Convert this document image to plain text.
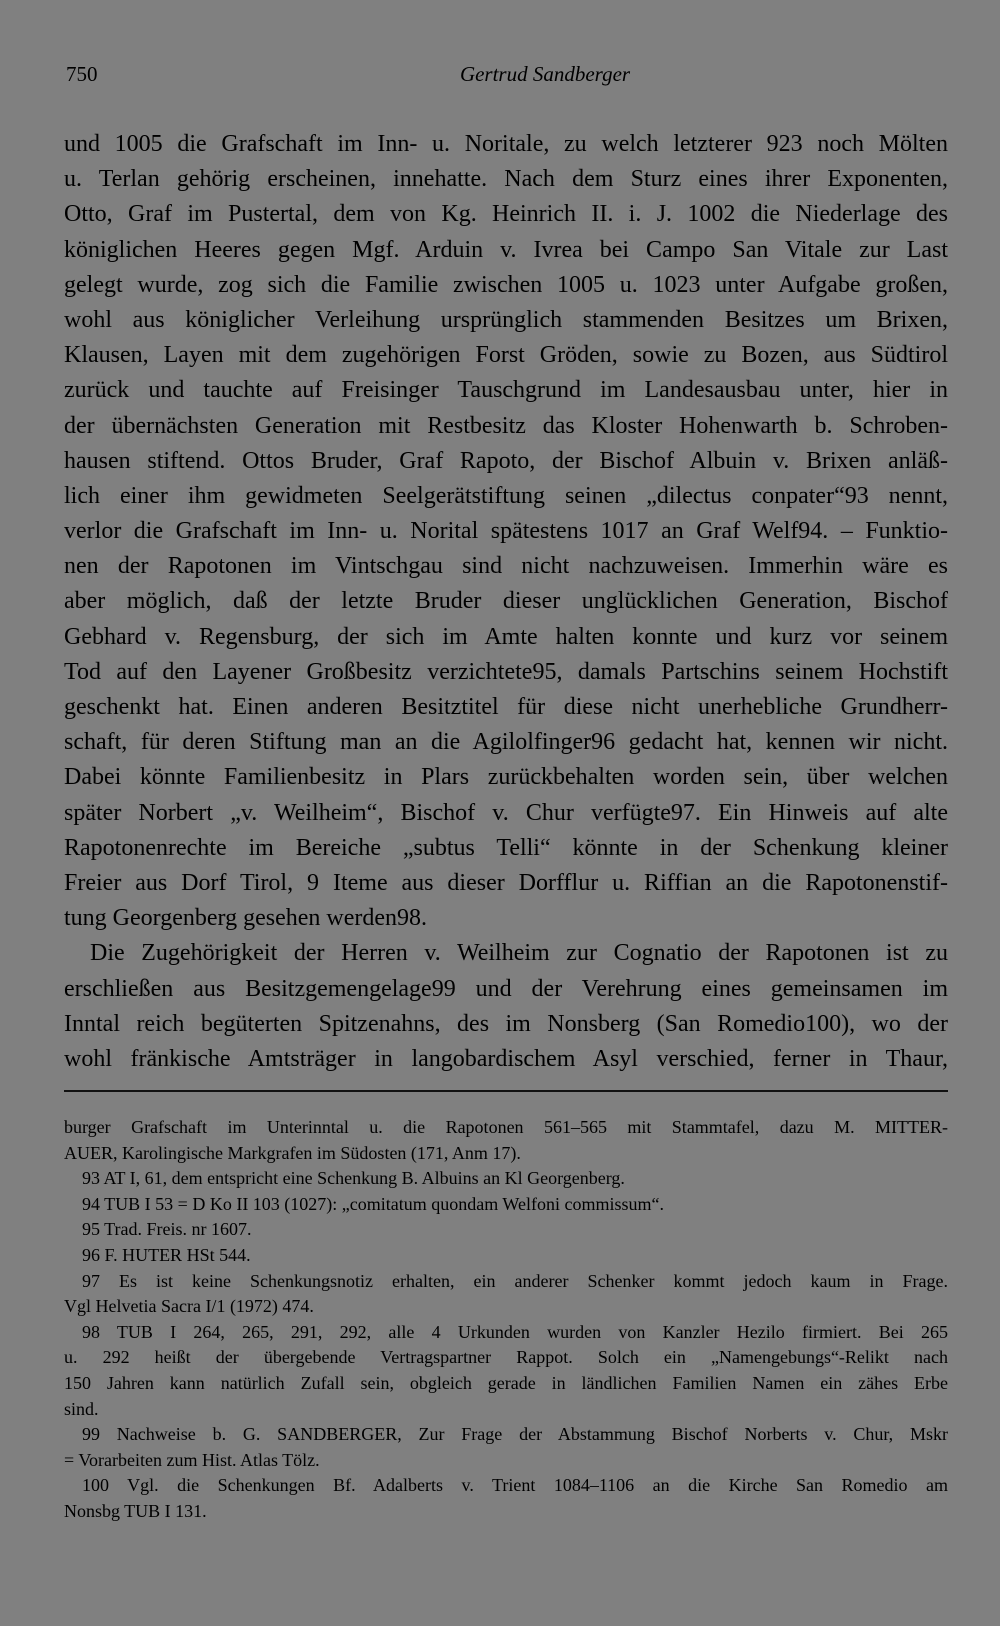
750	Gertrud Sandberger
und 1005 die Grafschaft im Inn- u. Noritale, zu welch letzterer 923 noch Mölten
u. Terlan gehörig erscheinen, innehatte. Nach dem Sturz eines ihrer Exponenten,
Otto, Graf im Pustertal, dem von Kg. Heinrich II. i. J. 1002 die Niederlage des
königlichen Heeres gegen Mgf. Arduin v. Ivrea bei Campo San Vitale zur Last
gelegt wurde, zog sich die Familie zwischen 1005 u. 1023 unter Aufgabe großen,
wohl aus königlicher Verleihung ursprünglich stammenden Besitzes um Brixen,
Klausen, Layen mit dem zugehörigen Forst Gröden, sowie zu Bozen, aus Südtirol
zurück und tauchte auf Freisinger Tauschgrund im Landesausbau unter, hier in
der übernächsten Generation mit Restbesitz das Kloster Hohenwarth b. Schroben-
hausen stiftend. Ottos Bruder, Graf Rapoto, der Bischof Albuin v. Brixen anläß-
lich einer ihm gewidmeten Seelgerätstiftung seinen „dilectus conpater“93 nennt,
verlor die Grafschaft im Inn- u. Norital spätestens 1017 an Graf Welf94. – Funktio-
nen der Rapotonen im Vintschgau sind nicht nachzuweisen. Immerhin wäre es
aber möglich, daß der letzte Bruder dieser unglücklichen Generation, Bischof
Gebhard v. Regensburg, der sich im Amte halten konnte und kurz vor seinem
Tod auf den Layener Großbesitz verzichtete95, damals Partschins seinem Hochstift
geschenkt hat. Einen anderen Besitztitel für diese nicht unerhebliche Grundherr-
schaft, für deren Stiftung man an die Agilolfinger96 gedacht hat, kennen wir nicht.
Dabei könnte Familienbesitz in Plars zurückbehalten worden sein, über welchen
später Norbert „v. Weilheim“, Bischof v. Chur verfügte97. Ein Hinweis auf alte
Rapotonenrechte im Bereiche „subtus Telli“ könnte in der Schenkung kleiner
Freier aus Dorf Tirol, 9 Iteme aus dieser Dorfflur u. Riffian an die Rapotonenstif-
tung Georgenberg gesehen werden98.
Die Zugehörigkeit der Herren v. Weilheim zur Cognatio der Rapotonen ist zu
erschließen aus Besitzgemengelage99 und der Verehrung eines gemeinsamen im
Inntal reich begüterten Spitzenahns, des im Nonsberg (San Romedio100), wo der
wohl fränkische Amtsträger in langobardischem Asyl verschied, ferner in Thaur,
burger Grafschaft im Unterinntal u. die Rapotonen 561–565 mit Stammtafel, dazu M. MITTER-
AUER, Karolingische Markgrafen im Südosten (171, Anm 17).
93 AT I, 61, dem entspricht eine Schenkung B. Albuins an Kl Georgenberg.
94 TUB I 53 = D Ko II 103 (1027): „comitatum quondam Welfoni commissum“.
95 Trad. Freis. nr 1607.
96 F. HUTER HSt 544.
97 Es ist keine Schenkungsnotiz erhalten, ein anderer Schenker kommt jedoch kaum in Frage.
Vgl Helvetia Sacra I/1 (1972) 474.
98 TUB I 264, 265, 291, 292, alle 4 Urkunden wurden von Kanzler Hezilo firmiert. Bei 265
u. 292 heißt der übergebende Vertragspartner Rappot. Solch ein „Namengebungs“-Relikt nach
150 Jahren kann natürlich Zufall sein, obgleich gerade in ländlichen Familien Namen ein zähes Erbe
sind.
99 Nachweise b. G. SANDBERGER, Zur Frage der Abstammung Bischof Norberts v. Chur, Mskr
= Vorarbeiten zum Hist. Atlas Tölz.
100 Vgl. die Schenkungen Bf. Adalberts v. Trient 1084–1106 an die Kirche San Romedio am
Nonsbg TUB I 131.
